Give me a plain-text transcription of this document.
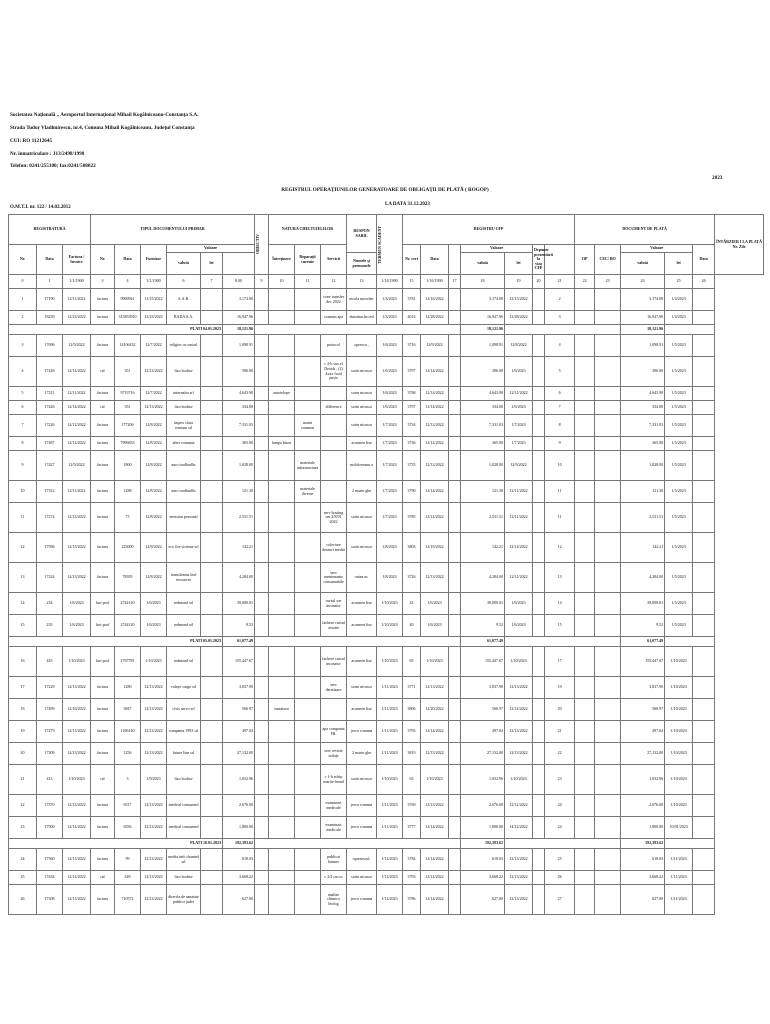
Societatea Naţională „ Aeroportul Internaţional Mihail Kogălniceanu-Constanţa S.A.
Strada Tudor Vladimirescu, nr.4, Comuna Mihail Kogălniceanu, Judeţul Constanţa
CUI: RO 11212645
Nr. înmatriculare : J13/2498/1998
Telefon: 0241/255100; fax:0241/508022
2023
REGISTRUL OPERAŢIUNILOR GENERATOARE DE OBLIGAŢII DE PLATĂ ( ROGOP)
O.M.T.I. nr. 122 / 14.02.2012
LA DATA 31.12.2023
REGISTRATURĂ			TIPUL DOCUMENTULUI PRIMAR						OBIECTIV	NATURA CHELTUIELILOR			RESPON SABIL	TERMEN SCADENT	REGISTRU CFP							DOCUMENT DE PLATĂ					ÎNTÂRZIER I LA PLATĂ Nr. Zile
Nr.	Data	Factura / Invoice	Nr.	Data	Furnizor	Valoare				Întreţinere	Reparaţii curente	Servicii			Nr. cert	Data		Valoare		Depuner prezentării la viza CFP		OP	CEC/ BO	Valoare		Data	
						valută	lei						Numele şi prenumele					valută	lei					valută	lei		
0	1	1/1/1900	3	4	1/1/1900	6	7	8.00	9	10	11	12	13	1/14/1900	15	1/16/1900	17	18	19	20	21	22	23	24	25	26	
1	17190	12/11/2022	factura	9969941	11/15/2022	A.A.B.		3,174.00				conv transfer dec 2022	nicola moscher	1/3/2023	3781	12/16/2022		3,174.00	12/15/2022		2			3,174.00	1/4/2023		
2	18239	12/23/2022	factura	315853910	12/23/2022	BADA S.A.		16,947.96				consum apa	dumitrache red	1/3/2023	4014	12/28/2022		16,947.96	12/28/2022		3			16,947.96	1/4/2023		
PLATI 04.01.2023								18,121.96										18,121.96						18,121.96			
3	17696	12/9/2022	factura	14106432	12/7/2022	religios cu suscul		1,098.91				protocol	oprescu ,	1/6/2023	3716	12/9/2022		1,098.91	12/8/2022		4			1,098.91	1/5/2023		
4	17426	12/14/2022	ral	351	12/13/2022	lixo bodiav		396.00				c 4-h sux el Druids , (2) 4xxx food pasta	sorin nicusor	1/6/2023	3797	12/14/2022		396.00	1/6/2023		5			396.00	1/5/2023		
5	17211	12/11/2022	factura	9719716	12/7/2022	internafra srl		4,643.90		autotelope			sorin nicusor	1/6/2023	3768	12/14/2022		4,643.90	12/11/2022		6			4,643.90	1/5/2023		
6	17426	12/14/2022	ral	351	12/13/2022	lixo bodiav		334.00				difference	sorin nicusor	1/6/2023	3797	12/14/2022		334.00	1/6/2023		7			334.00	1/5/2023		
7	17226	12/12/2022	factura	177206	12/8/2022	impex clara consum srl		7,331.03			maint consmat		sorin nicusor	1/7/2023	3734	12/12/2022		7,331.03	1/7/2023		8			7,331.03	1/5/2023		
8	17467	12/12/2022	factura	7996653	12/8/2022	altex romania		365.00		lampa birou			acarmen lisa	1/7/2023	3736	12/12/2022		365.00	1/7/2023		9			365.00	1/5/2023		
9	17427	12/9/2022	factura	1800	12/8/2022	auro tradbudlis		1,028.00			materiale infrastructura		moldoveanu a	1/7/2023	3735	12/12/2022		1,028.00	12/9/2022		10			1,028.00	1/5/2023		
10	17312	12/11/2022	factura	1288	12/8/2022	auro tradbudlis		121.30			materiale diverse		2 marin ghe	1/7/2023	3790	12/14/2022		121.30	12/11/2022		11			121.30	1/5/2023		
11	17274	12/13/2022	factura	73	12/8/2022	envision personal		2,531.51				serv hosting cnt 2/8/01 2022	sorin nicusor	1/7/2023	3785	12/14/2022		2,531.51	12/11/2022		11			2,531.51	1/5/2023		
12	17596	12/15/2022	factura	225000	12/9/2022	eco fire sisteme srl		142.21				colectare deseuri mediu	sorin nicusor	1/8/2023	3803	12/19/2022		142.21	12/14/2022		12			142.21	1/5/2023		
13	17224	12/13/2022	factura	78395	12/8/2022	transilvania leaf resources		4,284.00				serv mentenanta consumabile	ontea m.	1/8/2023	3726	12/13/2022		4,284.00	12/11/2022		13			4,284.00	1/5/2023		
14	234	1/6/2023	fact prof	2744120	1/6/2023	redmond srl		39,000.01				cursul var incasator	acarmen lisa	1/10/2023	41	1/6/2023		39,000.01	1/6/2023		14			39,000.01	1/5/2023		
15	235	1/6/2023	fact prof	2744120	1/6/2023	redmond srl		9.52				fachere cursul aviatie	acarmen lisa	1/10/2023	40	1/6/2023		9.52	1/6/2023		15			9.52	1/5/2023		
PLATI 05.01.2023								61,077.49										61,077.49						61,077.49			
16	443	1/10/2023	fact prof	2767781	1/10/2023	redmond srl		155,447.67				fachere cursul incasator	acarmen lisa	1/10/2023	65	1/10/2023		155,447.67	1/10/2023		17			155,447.67	1/10/2023		
17	17229	12/13/2022	factura	1280	12/13/2022	valaye cargo srl		3,837.90				serv deratizare	sorin nicusor	1/11/2023	3771	12/13/2022		3,837.90	12/13/2022		19			3,837.90	1/10/2023		
18	17499	12/16/2022	factura	3847	12/13/2022	civis servo srl		566.97		inutatura			acarmen lisa	1/11/2023	3806	12/20/2022		566.97	12/14/2022		20			566.97	1/10/2023		
19	17279	12/13/2022	factura	1296140	12/13/2022	compania 1993 srl		497.04				apa compania FR.	jecco romana	1/11/2023	3793	12/14/2022		497.04	12/13/2022		21			497.04	1/10/2023		
20	17309	12/13/2022	factura	1256	12/13/2022	future line srl		27,132.00				serv revizie utilaje	2 marin ghe	1/11/2023	3819	12/15/2022		27,132.00	12/13/2022		22			27,132.00	1/10/2023		
21	413	1/10/2023	ral	3	1/9/2023	lixo bodiav		1,032.96				c 1-h echip martie brand	sorin nicusor	1/10/2023	63	1/10/2023		1,032.96	1/10/2023		23			1,032.96	1/10/2023		
22	17370	12/13/2022	factura	6517	12/13/2022	medical consumed		2,676.00				examinari medicale	jecco romana	1/11/2023	3769	12/13/2022		2,676.00	12/12/2022		24			2,676.00	1/10/2023		
23	17500	12/14/2022	factura	6556	12/13/2022	medical consumed		1,800.00				examinari medicale	jecco romana	1/11/2023	3777	12/14/2022		1,800.00	14/12/2022		24			1,800.00	10/01/2023		
PLATI 10.01.2023								192,393.62										192,393.62						192,393.62			
24	17360	12/13/2022	factura	99	12/13/2022	media info channel srl		618.03				publicat banner	opresescul.	1/12/2023	3784	12/14/2022		618.03	12/13/2022		25			618.03	1/11/2023		
25	17434	12/14/2022	ral	349	12/13/2022	lixo bodiav		3,668.22				c 2/4 cucco	sorin nicusor	1/12/2023	3793	12/14/2022		3,668.22	12/13/2022		26			3,668.22	1/11/2023		
26	17308	12/13/2022	factura	710572	12/13/2022	directia de sanatate publica judet		627.00				analize chimico biolog	jecco romana	1/12/2023	3786	12/14/2022		627.00	12/13/2022		27			627.00	1/11/2023		
